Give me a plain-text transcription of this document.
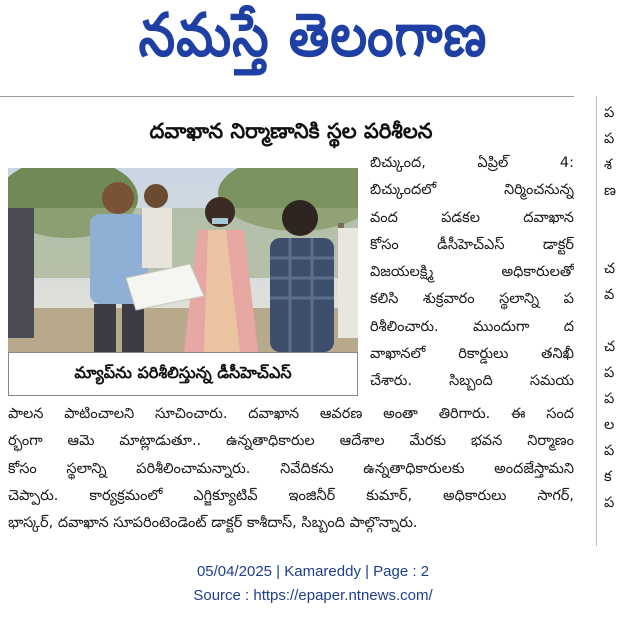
నమస్తే తెలంగాణ
ప
ప
శ
ణ

చ
వ

చ
ప
ప
ల
ప
క
ప
దవాఖాన నిర్మాణానికి స్థల పరిశీలన
మ్యాప్‌ను పరిశీలిస్తున్న డీసీహెచ్‌ఎస్
బిచ్కుంద, ఏప్రిల్ 4:
బిచ్కుందలో నిర్మించనున్న
వంద పడకల దవాఖాన
కోసం డీసీహెచ్‌ఎస్ డాక్టర్
విజయలక్ష్మి అధికారులతో
కలిసి శుక్రవారం స్థలాన్ని ప
రిశీలించారు. ముందుగా ద
వాఖానలో రికార్డులు తనిఖీ
చేశారు. సిబ్బంది సమయ
పాలన పాటించాలని సూచించారు. దవాఖాన ఆవరణ అంతా తిరిగారు. ఈ సంద
ర్భంగా ఆమె మాట్లాడుతూ.. ఉన్నతాధికారుల ఆదేశాల మేరకు భవన నిర్మాణం
కోసం స్థలాన్ని పరిశీలించామన్నారు. నివేదికను ఉన్నతాధికారులకు అందజేస్తామని
చెప్పారు. కార్యక్రమంలో ఎగ్జిక్యూటివ్ ఇంజినీర్ కుమార్, అధికారులు సాగర్,
భాస్కర్, దవాఖాన సూపరింటెండెంట్ డాక్టర్ కాశీదాస్, సిబ్బంది పాల్గొన్నారు.
05/04/2025 | Kamareddy | Page : 2
Source : https://epaper.ntnews.com/
